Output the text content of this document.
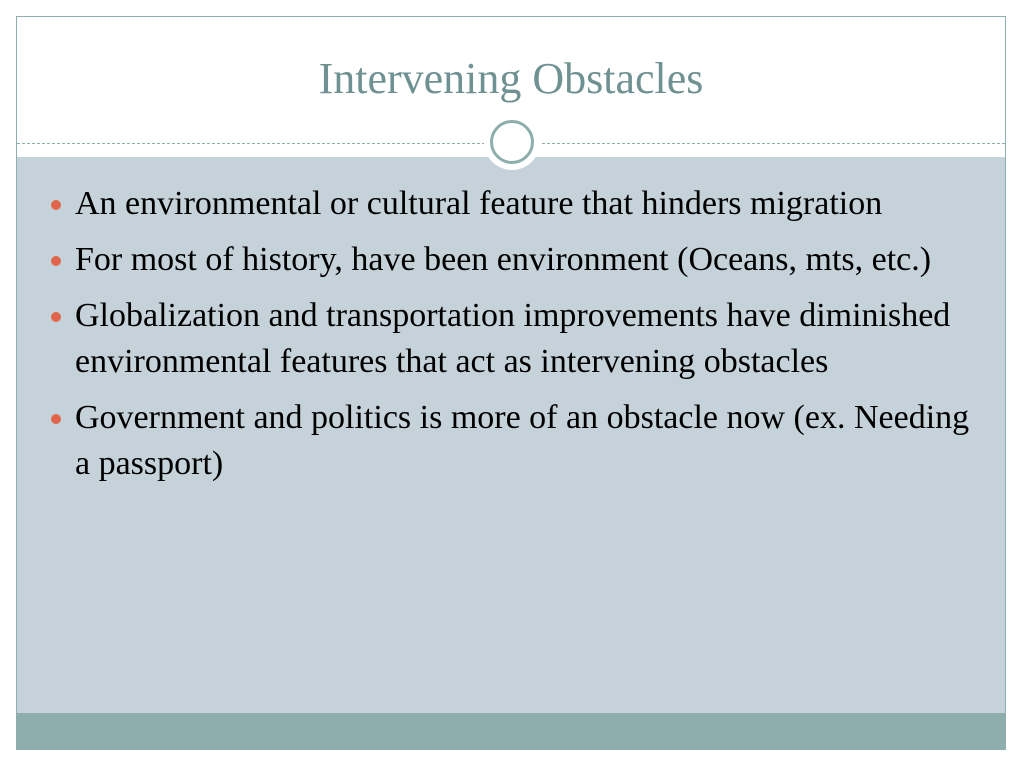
Intervening Obstacles
An environmental or cultural feature that hinders migration
For most of history, have been environment (Oceans, mts, etc.)
Globalization and transportation improvements have diminished environmental features that act as intervening obstacles
Government and politics is more of an obstacle now (ex. Needing a passport)
